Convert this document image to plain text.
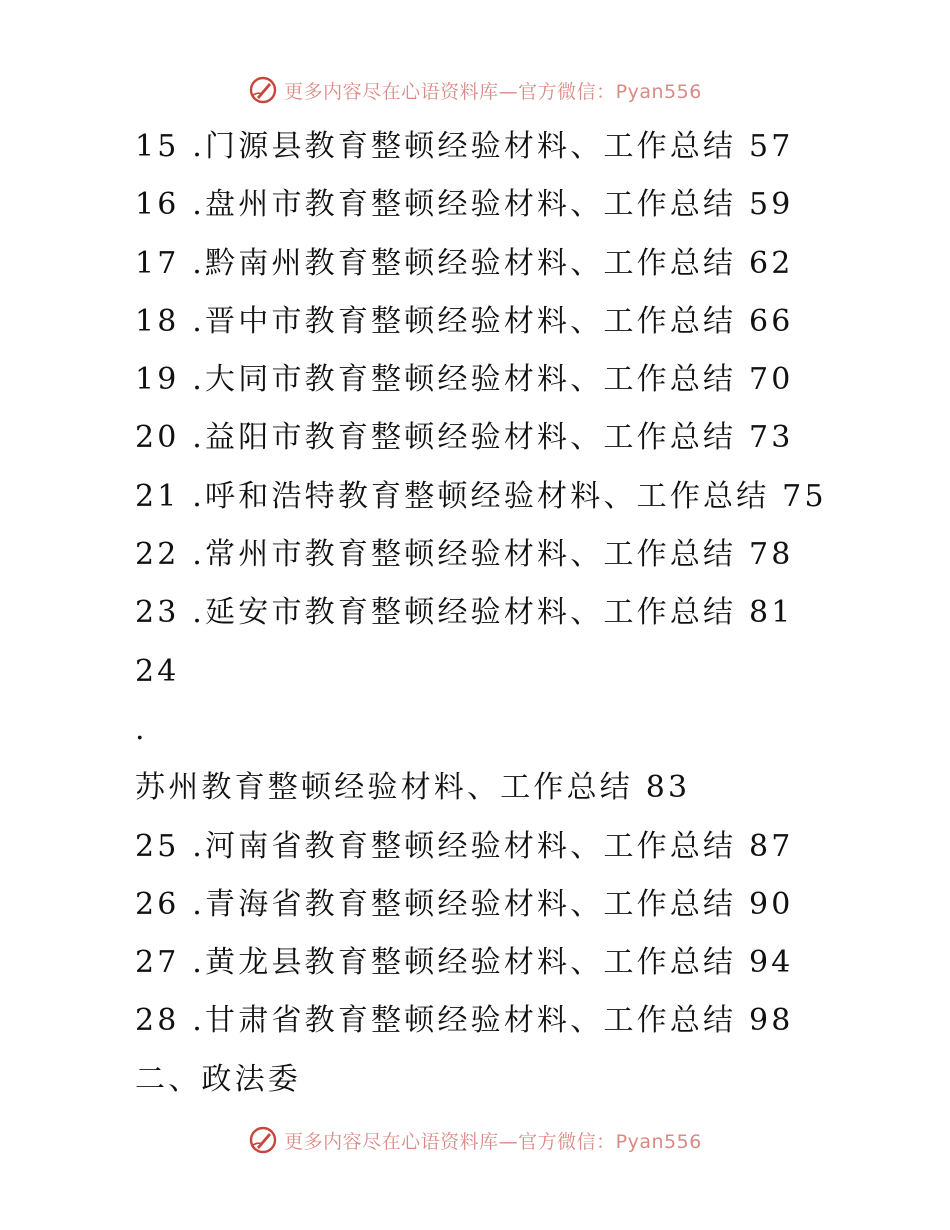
更多内容尽在心语资料库—官方微信：Pyan556
15 .门源县教育整顿经验材料、工作总结 57
16 .盘州市教育整顿经验材料、工作总结 59
17 .黔南州教育整顿经验材料、工作总结 62
18 .晋中市教育整顿经验材料、工作总结 66
19 .大同市教育整顿经验材料、工作总结 70
20 .益阳市教育整顿经验材料、工作总结 73
21 .呼和浩特教育整顿经验材料、工作总结 75
22 .常州市教育整顿经验材料、工作总结 78
23 .延安市教育整顿经验材料、工作总结 81
24
.
苏州教育整顿经验材料、工作总结 83
25 .河南省教育整顿经验材料、工作总结 87
26 .青海省教育整顿经验材料、工作总结 90
27 .黄龙县教育整顿经验材料、工作总结 94
28 .甘肃省教育整顿经验材料、工作总结 98
二、政法委
更多内容尽在心语资料库—官方微信：Pyan556
